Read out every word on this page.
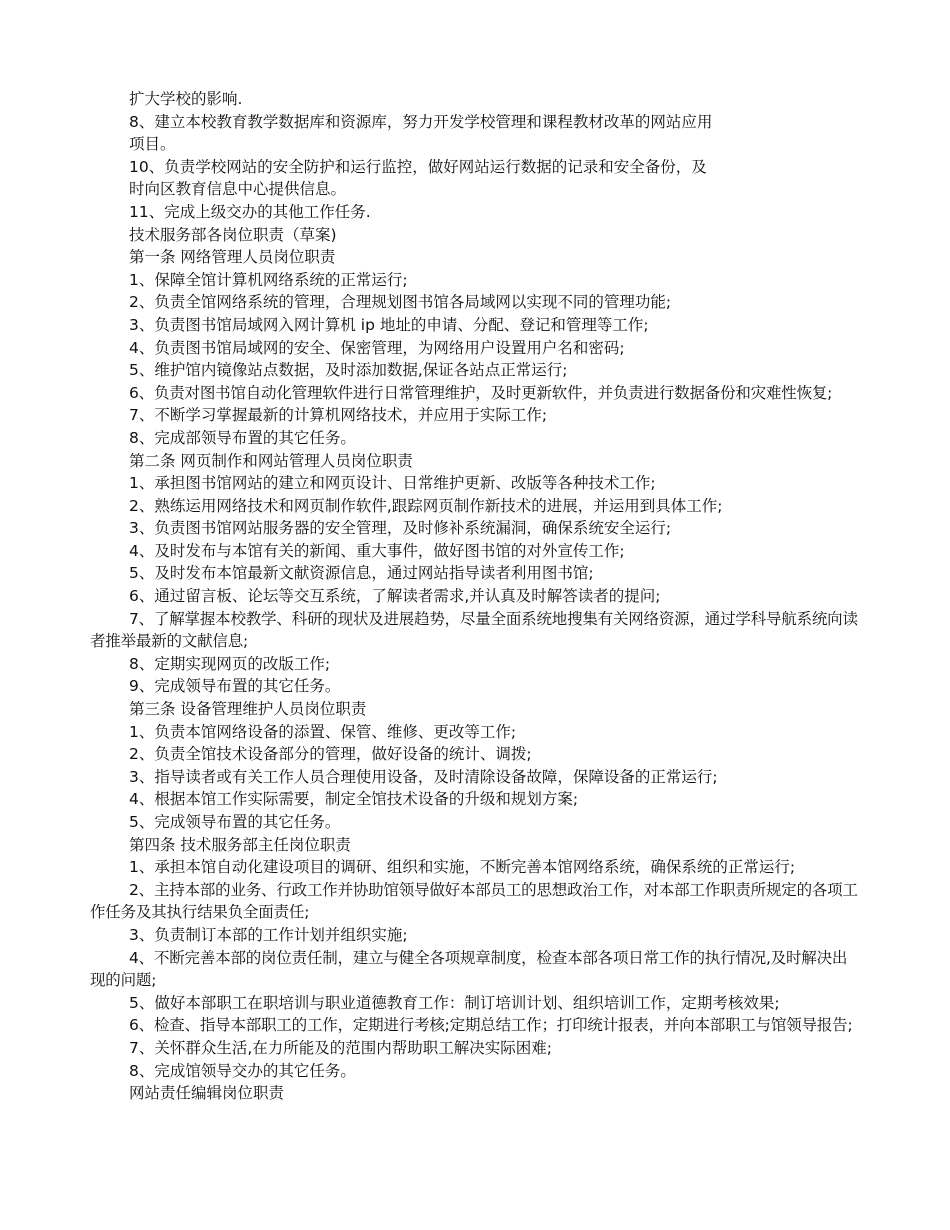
扩大学校的影响.
8、建立本校教育教学数据库和资源库，努力开发学校管理和课程教材改革的网站应用
项目。
10、负责学校网站的安全防护和运行监控，做好网站运行数据的记录和安全备份，及
时向区教育信息中心提供信息。
11、完成上级交办的其他工作任务.
技术服务部各岗位职责（草案)
第一条 网络管理人员岗位职责
1、保障全馆计算机网络系统的正常运行;
2、负责全馆网络系统的管理，合理规划图书馆各局域网以实现不同的管理功能;
3、负责图书馆局域网入网计算机 ip 地址的申请、分配、登记和管理等工作;
4、负责图书馆局域网的安全、保密管理，为网络用户设置用户名和密码;
5、维护馆内镜像站点数据，及时添加数据,保证各站点正常运行;
6、负责对图书馆自动化管理软件进行日常管理维护，及时更新软件，并负责进行数据备份和灾难性恢复;
7、不断学习掌握最新的计算机网络技术，并应用于实际工作;
8、完成部领导布置的其它任务。
第二条 网页制作和网站管理人员岗位职责
1、承担图书馆网站的建立和网页设计、日常维护更新、改版等各种技术工作;
2、熟练运用网络技术和网页制作软件,跟踪网页制作新技术的进展，并运用到具体工作;
3、负责图书馆网站服务器的安全管理，及时修补系统漏洞，确保系统安全运行;
4、及时发布与本馆有关的新闻、重大事件，做好图书馆的对外宣传工作;
5、及时发布本馆最新文献资源信息，通过网站指导读者利用图书馆;
6、通过留言板、论坛等交互系统，了解读者需求,并认真及时解答读者的提问;
7、了解掌握本校教学、科研的现状及进展趋势，尽量全面系统地搜集有关网络资源，通过学科导航系统向读者推举最新的文献信息;
8、定期实现网页的改版工作;
9、完成领导布置的其它任务。
第三条 设备管理维护人员岗位职责
1、负责本馆网络设备的添置、保管、维修、更改等工作;
2、负责全馆技术设备部分的管理，做好设备的统计、调拨;
3、指导读者或有关工作人员合理使用设备，及时清除设备故障，保障设备的正常运行;
4、根据本馆工作实际需要，制定全馆技术设备的升级和规划方案;
5、完成领导布置的其它任务。
第四条 技术服务部主任岗位职责
1、承担本馆自动化建设项目的调研、组织和实施，不断完善本馆网络系统，确保系统的正常运行;
2、主持本部的业务、行政工作并协助馆领导做好本部员工的思想政治工作，对本部工作职责所规定的各项工作任务及其执行结果负全面责任;
3、负责制订本部的工作计划并组织实施;
4、不断完善本部的岗位责任制，建立与健全各项规章制度，检查本部各项日常工作的执行情况,及时解决出现的问题;
5、做好本部职工在职培训与职业道德教育工作：制订培训计划、组织培训工作，定期考核效果;
6、检查、指导本部职工的工作，定期进行考核;定期总结工作；打印统计报表，并向本部职工与馆领导报告;
7、关怀群众生活,在力所能及的范围内帮助职工解决实际困难;
8、完成馆领导交办的其它任务。
网站责任编辑岗位职责
